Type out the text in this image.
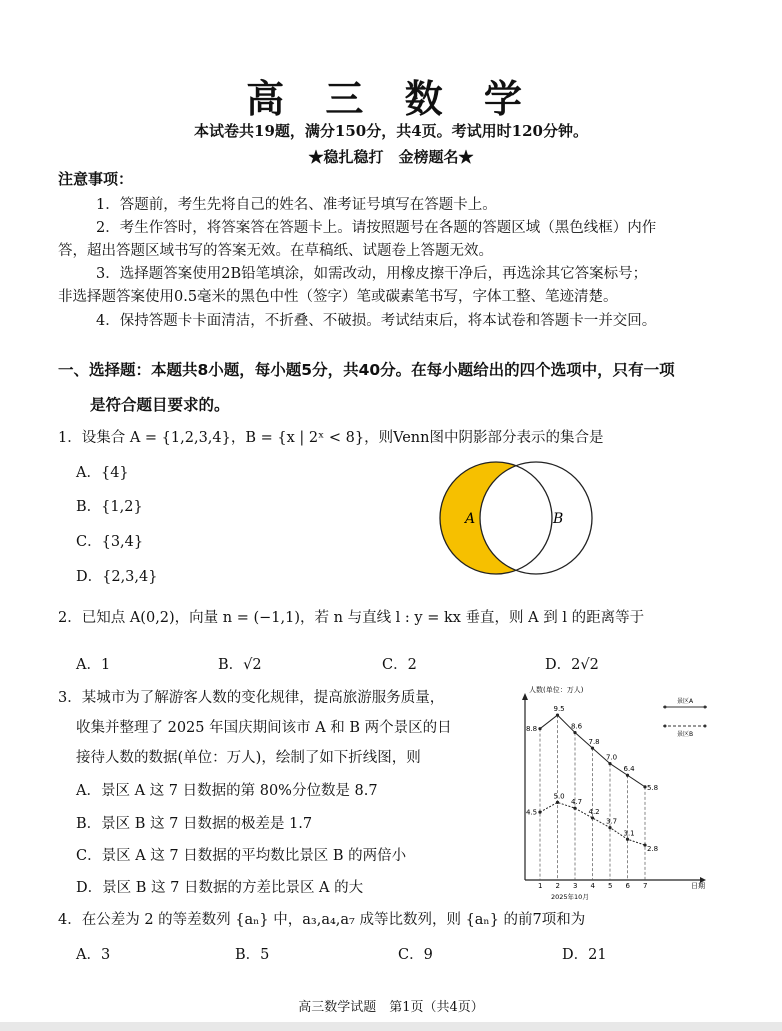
高 三 数 学
本试卷共19题，满分150分，共4页。考试用时120分钟。
★稳扎稳打　金榜题名★
注意事项：
1．答题前，考生先将自己的姓名、准考证号填写在答题卡上。
2．考生作答时，将答案答在答题卡上。请按照题号在各题的答题区域（黑色线框）内作
答，超出答题区域书写的答案无效。在草稿纸、试题卷上答题无效。
3．选择题答案使用2B铅笔填涂，如需改动，用橡皮擦干净后，再选涂其它答案标号；
非选择题答案使用0.5毫米的黑色中性（签字）笔或碳素笔书写，字体工整、笔迹清楚。
4．保持答题卡卡面清洁，不折叠、不破损。考试结束后，将本试卷和答题卡一并交回。
一、选择题：本题共8小题，每小题5分，共40分。在每小题给出的四个选项中，只有一项
是符合题目要求的。
1．设集合 A = {1,2,3,4}，B = {x | 2ˣ < 8}，则Venn图中阴影部分表示的集合是
A．{4}
B．{1,2}
C．{3,4}
D．{2,3,4}
A	B
2．已知点 A(0,2)，向量 n = (−1,1)，若 n 与直线 l : y = kx 垂直，则 A 到 l 的距离等于
A．1	B．√2	C．2	D．2√2
3．某城市为了解游客人数的变化规律，提高旅游服务质量，
收集并整理了 2025 年国庆期间该市 A 和 B 两个景区的日
接待人数的数据(单位：万人)，绘制了如下折线图，则
A．景区 A 这 7 日数据的第 80%分位数是 8.7
B．景区 B 这 7 日数据的极差是 1.7
C．景区 A 这 7 日数据的平均数比景区 B 的两倍小
D．景区 B 这 7 日数据的方差比景区 A 的大
人数(单位：万人)
日期
2025年10月
景区A
景区B
1 2 3 4 5 6 7
8.8
9.5
8.6
7.8
7.0
6.4
5.8
4.5
5.0
4.7
4.2
3.7
3.1
2.8
4．在公差为 2 的等差数列 {aₙ} 中，a₃,a₄,a₇ 成等比数列，则 {aₙ} 的前7项和为
A．3	B．5	C．9	D．21
高三数学试题　第1页（共4页）
